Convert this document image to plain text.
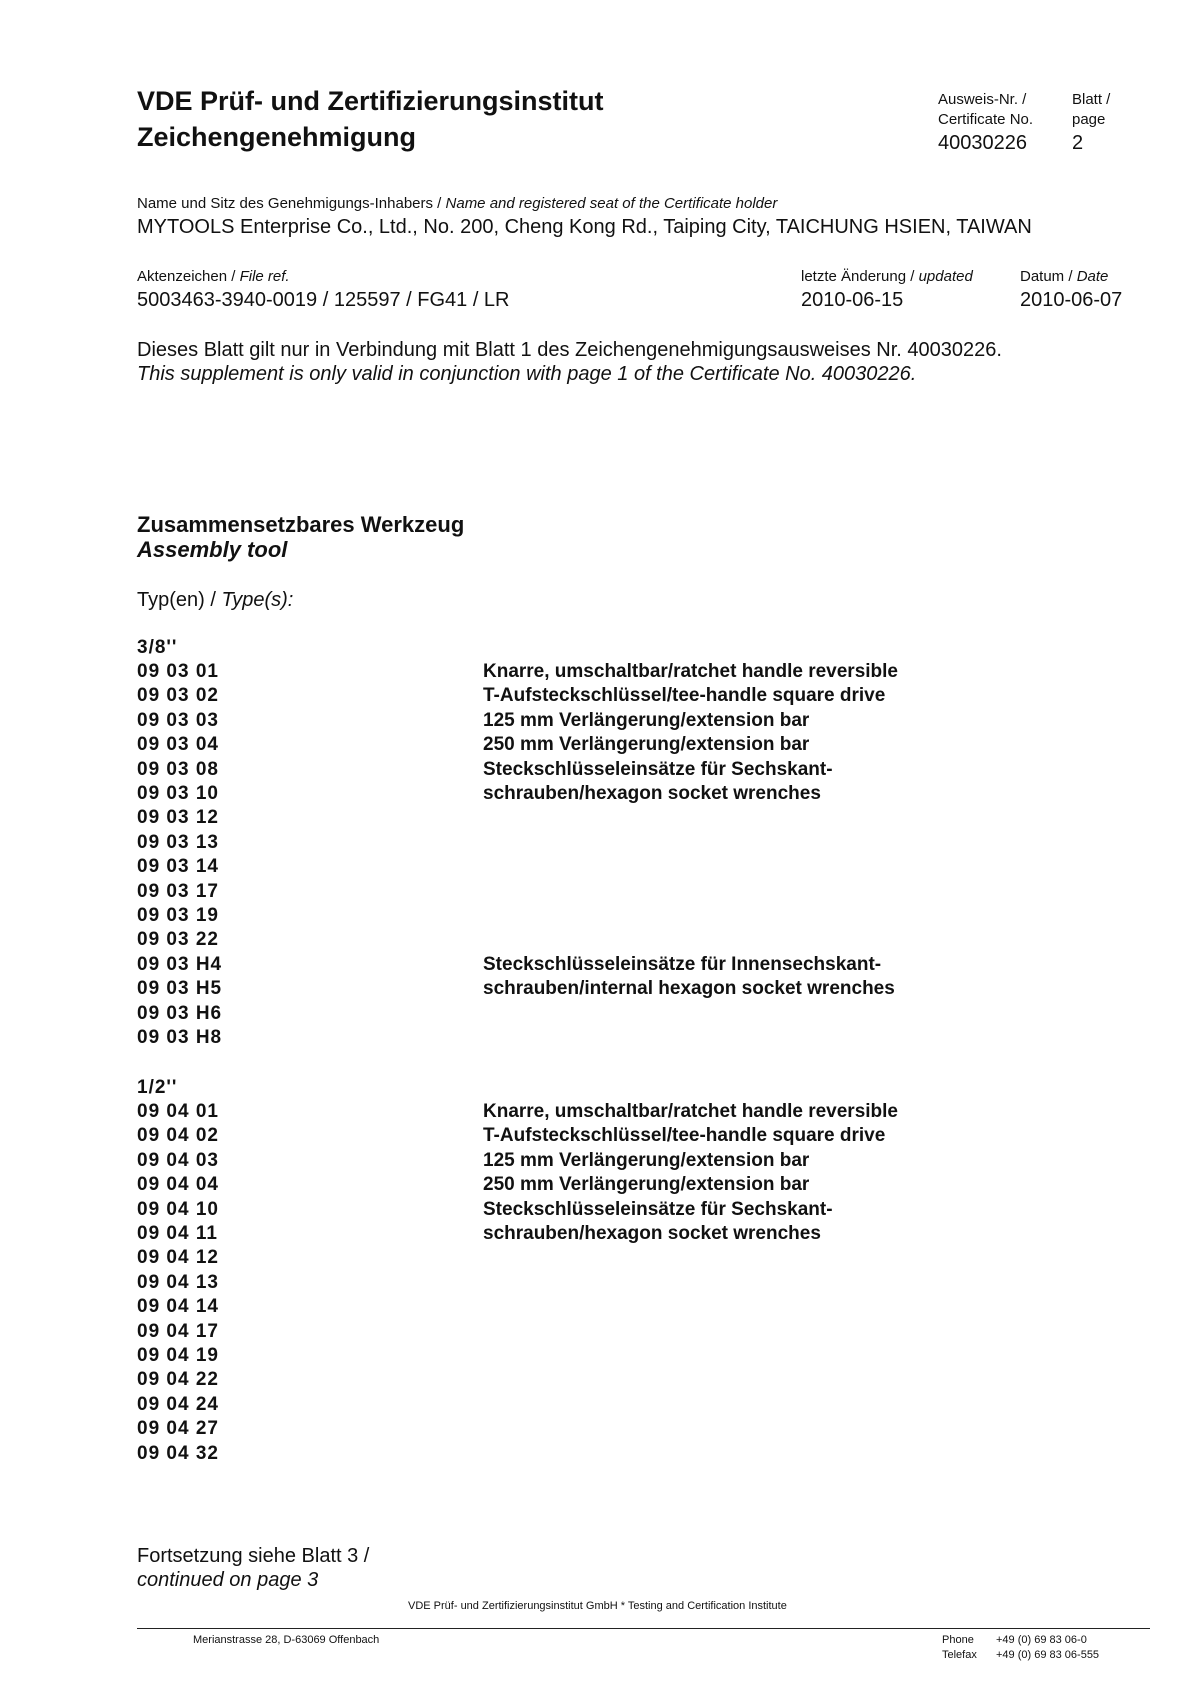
VDE Prüf- und Zertifizierungsinstitut
Zeichengenehmigung
Ausweis-Nr. /
Certificate No.
40030226
Blatt /
page
2
Name und Sitz des Genehmigungs-Inhabers / Name and registered seat of the Certificate holder
MYTOOLS Enterprise Co., Ltd., No. 200, Cheng Kong Rd., Taiping City, TAICHUNG HSIEN, TAIWAN
Aktenzeichen / File ref.
5003463-3940-0019 / 125597 / FG41 / LR
letzte Änderung / updated
2010-06-15
Datum / Date
2010-06-07
Dieses Blatt gilt nur in Verbindung mit Blatt 1 des Zeichengenehmigungsausweises Nr. 40030226.
This supplement is only valid in conjunction with page 1 of the Certificate No. 40030226.
Zusammensetzbares Werkzeug
Assembly tool
Typ(en) / Type(s):
3/8''
09 03 01
09 03 02
09 03 03
09 03 04
09 03 08
09 03 10
09 03 12
09 03 13
09 03 14
09 03 17
09 03 19
09 03 22
09 03 H4
09 03 H5
09 03 H6
09 03 H8
Knarre, umschaltbar/ratchet handle reversible
T-Aufsteckschlüssel/tee-handle square drive
125 mm Verlängerung/extension bar
250 mm Verlängerung/extension bar
Steckschlüsseleinsätze für Sechskant-
schrauben/hexagon socket wrenches
Steckschlüsseleinsätze für Innensechskant-
schrauben/internal hexagon socket wrenches
1/2''
09 04 01
09 04 02
09 04 03
09 04 04
09 04 10
09 04 11
09 04 12
09 04 13
09 04 14
09 04 17
09 04 19
09 04 22
09 04 24
09 04 27
09 04 32
Knarre, umschaltbar/ratchet handle reversible
T-Aufsteckschlüssel/tee-handle square drive
125 mm Verlängerung/extension bar
250 mm Verlängerung/extension bar
Steckschlüsseleinsätze für Sechskant-
schrauben/hexagon socket wrenches
Fortsetzung siehe Blatt 3 /
continued on page 3
VDE Prüf- und Zertifizierungsinstitut GmbH * Testing and Certification Institute
Merianstrasse 28, D-63069 Offenbach	Phone +49 (0) 69 83 06-0
Telefax +49 (0) 69 83 06-555
